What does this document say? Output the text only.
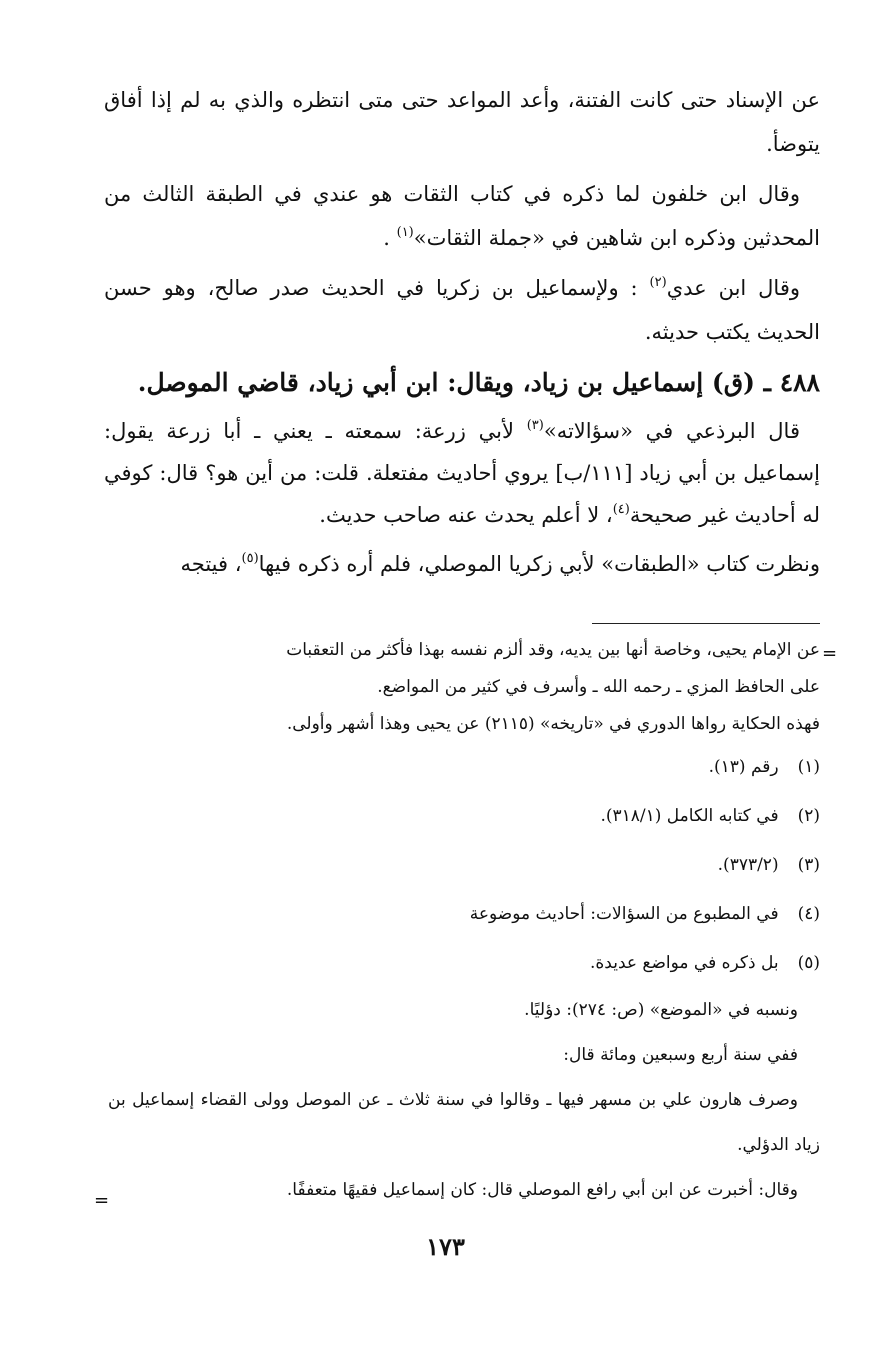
عن الإسناد حتى كانت الفتنة، وأعد المواعد حتى متى انتظره والذي به لم إذا أفاق يتوضأ.

وقال ابن خلفون لما ذكره في كتاب الثقات هو عندي في الطبقة الثالث من المحدثين وذكره ابن شاهين في «جملة الثقات»$^{(١)}$ .

وقال ابن عدي$^{(٢)}$ : ولإسماعيل بن زكريا في الحديث صدر صالح، وهو حسن الحديث يكتب حديثه.

٤٨٨ ـ (ق) إسماعيل بن زياد، ويقال: ابن أبي زياد، قاضي الموصل.

قال البرذعي في «سؤالاته»$^{(٣)}$ لأبي زرعة: سمعته ـ يعني ـ أبا زرعة يقول: إسماعيل بن أبي زياد [١١١/ب] يروي أحاديث مفتعلة. قلت: من أين هو؟ قال: كوفي له أحاديث غير صحيحة$^{(٤)}$، لا أعلم يحدث عنه صاحب حديث.

ونظرت كتاب «الطبقات» لأبي زكريا الموصلي، فلم أره ذكره فيها$^{(٥)}$، فيتجه

=

عن الإمام يحيى، وخاصة أنها بين يديه، وقد ألزم نفسه بهذا فأكثر من التعقبات

على الحافظ المزي ـ رحمه الله ـ وأسرف في كثير من المواضع.

فهذه الحكاية رواها الدوري في «تاريخه» (٢١١٥) عن يحيى وهذا أشهر وأولى.

(١) رقم (١٣).

(٢) في كتابه الكامل (٣١٨/١).

(٣) (٣٧٣/٢).

(٤) في المطبوع من السؤالات: أحاديث موضوعة

(٥) بل ذكره في مواضع عديدة.

ونسبه في «الموضع» (ص: ٢٧٤): دؤليًا.

ففي سنة أربع وسبعين ومائة قال:

وصرف هارون علي بن مسهر فيها ـ وقالوا في سنة ثلاث ـ عن الموصل وولى القضاء إسماعيل بن زياد الدؤلي.

وقال: أخبرت عن ابن أبي رافع الموصلي قال: كان إسماعيل فقيهًا متعففًا.

=
١٧٣
